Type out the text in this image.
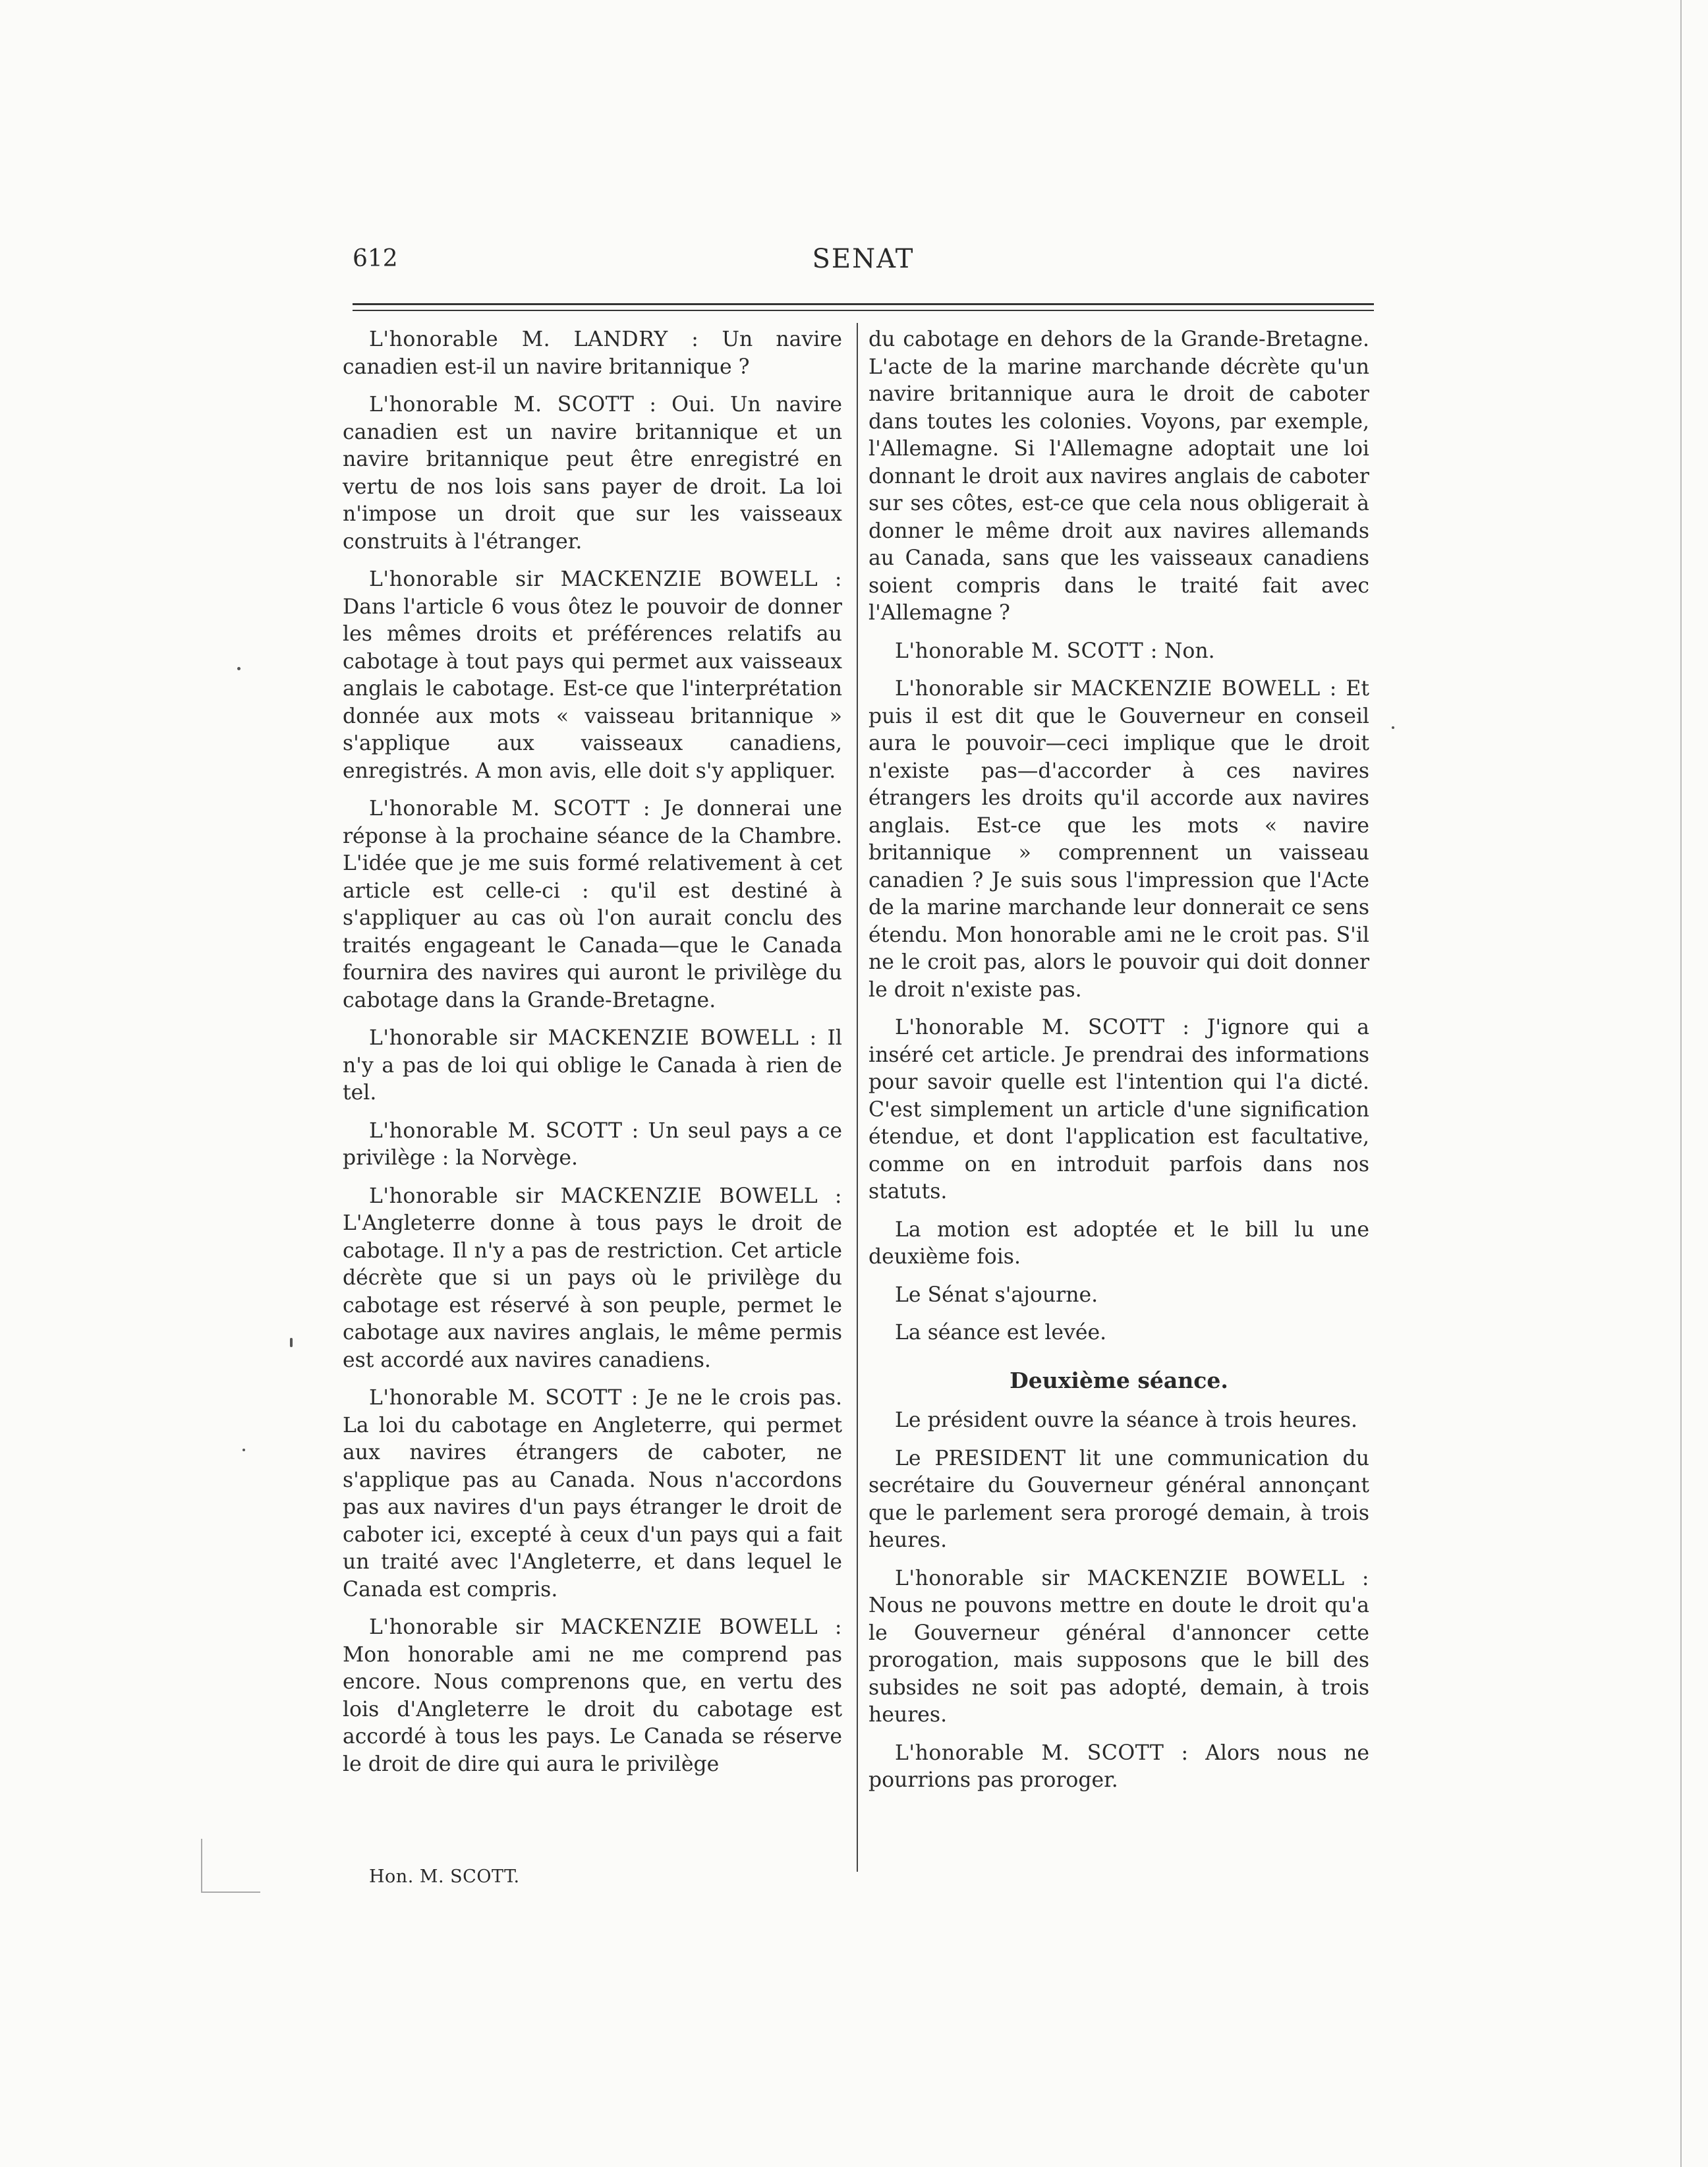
612	SENAT

L'honorable M. LANDRY : Un navire canadien est-il un navire britannique ?

L'honorable M. SCOTT : Oui. Un navire canadien est un navire britannique et un navire britannique peut être enregistré en vertu de nos lois sans payer de droit. La loi n'impose un droit que sur les vaisseaux construits à l'étranger.

L'honorable sir MACKENZIE BOWELL : Dans l'article 6 vous ôtez le pouvoir de donner les mêmes droits et préférences relatifs au cabotage à tout pays qui permet aux vaisseaux anglais le cabotage. Est-ce que l'interprétation donnée aux mots « vaisseau britannique » s'applique aux vaisseaux canadiens, enregistrés. A mon avis, elle doit s'y appliquer.

L'honorable M. SCOTT : Je donnerai une réponse à la prochaine séance de la Chambre. L'idée que je me suis formé relativement à cet article est celle-ci : qu'il est destiné à s'appliquer au cas où l'on aurait conclu des traités engageant le Canada—que le Canada fournira des navires qui auront le privilège du cabotage dans la Grande-Bretagne.

L'honorable sir MACKENZIE BOWELL : Il n'y a pas de loi qui oblige le Canada à rien de tel.

L'honorable M. SCOTT : Un seul pays a ce privilège : la Norvège.

L'honorable sir MACKENZIE BOWELL : L'Angleterre donne à tous pays le droit de cabotage. Il n'y a pas de restriction. Cet article décrète que si un pays où le privilège du cabotage est réservé à son peuple, permet le cabotage aux navires anglais, le même permis est accordé aux navires canadiens.

L'honorable M. SCOTT : Je ne le crois pas. La loi du cabotage en Angleterre, qui permet aux navires étrangers de caboter, ne s'applique pas au Canada. Nous n'accordons pas aux navires d'un pays étranger le droit de caboter ici, excepté à ceux d'un pays qui a fait un traité avec l'Angleterre, et dans lequel le Canada est compris.

L'honorable sir MACKENZIE BOWELL : Mon honorable ami ne me comprend pas encore. Nous comprenons que, en vertu des lois d'Angleterre le droit du cabotage est accordé à tous les pays. Le Canada se réserve le droit de dire qui aura le privilège

du cabotage en dehors de la Grande-Bretagne. L'acte de la marine marchande décrète qu'un navire britannique aura le droit de caboter dans toutes les colonies. Voyons, par exemple, l'Allemagne. Si l'Allemagne adoptait une loi donnant le droit aux navires anglais de caboter sur ses côtes, est-ce que cela nous obligerait à donner le même droit aux navires allemands au Canada, sans que les vaisseaux canadiens soient compris dans le traité fait avec l'Allemagne ?

L'honorable M. SCOTT : Non.

L'honorable sir MACKENZIE BOWELL : Et puis il est dit que le Gouverneur en conseil aura le pouvoir—ceci implique que le droit n'existe pas—d'accorder à ces navires étrangers les droits qu'il accorde aux navires anglais. Est-ce que les mots « navire britannique » comprennent un vaisseau canadien ? Je suis sous l'impression que l'Acte de la marine marchande leur donnerait ce sens étendu. Mon honorable ami ne le croit pas. S'il ne le croit pas, alors le pouvoir qui doit donner le droit n'existe pas.

L'honorable M. SCOTT : J'ignore qui a inséré cet article. Je prendrai des informations pour savoir quelle est l'intention qui l'a dicté. C'est simplement un article d'une signification étendue, et dont l'application est facultative, comme on en introduit parfois dans nos statuts.

La motion est adoptée et le bill lu une deuxième fois.

Le Sénat s'ajourne.

La séance est levée.

Deuxième séance.

Le président ouvre la séance à trois heures.

Le PRESIDENT lit une communication du secrétaire du Gouverneur général annonçant que le parlement sera prorogé demain, à trois heures.

L'honorable sir MACKENZIE BOWELL : Nous ne pouvons mettre en doute le droit qu'a le Gouverneur général d'annoncer cette prorogation, mais supposons que le bill des subsides ne soit pas adopté, demain, à trois heures.

L'honorable M. SCOTT : Alors nous ne pourrions pas proroger.

Hon. M. SCOTT.
